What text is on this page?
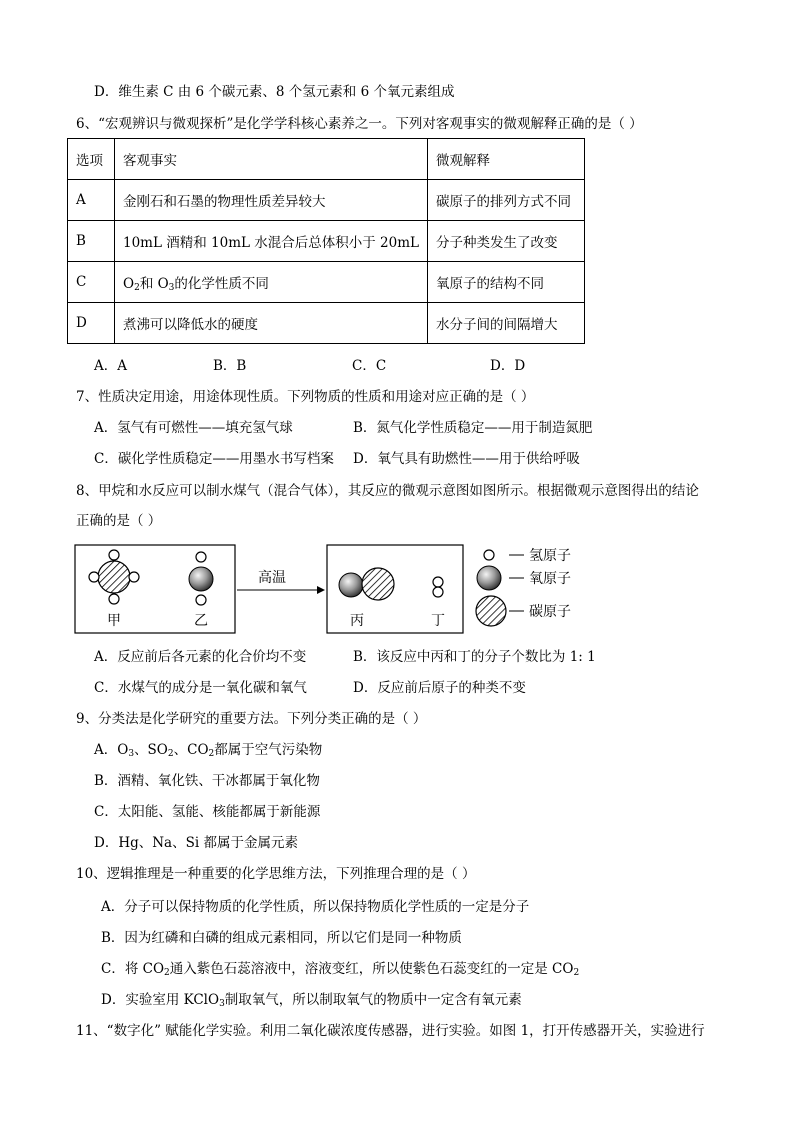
D．维生素 C 由 6 个碳元素、8 个氢元素和 6 个氧元素组成
6、“宏观辨识与微观探析”是化学学科核心素养之一。下列对客观事实的微观解释正确的是（ ）
选项	客观事实	微观解释
A	金刚石和石墨的物理性质差异较大	碳原子的排列方式不同
B	10mL 酒精和 10mL 水混合后总体积小于 20mL	分子种类发生了改变
C	$O_2$和 $O_3$的化学性质不同	氧原子的结构不同
D	煮沸可以降低水的硬度	水分子间的间隔增大
A．A	B．B	C．C	D．D
7、性质决定用途，用途体现性质。下列物质的性质和用途对应正确的是（ ）
A．氢气有可燃性——填充氢气球	B．氮气化学性质稳定——用于制造氮肥
C．碳化学性质稳定——用墨水书写档案 D．氧气具有助燃性——用于供给呼吸
8、甲烷和水反应可以制水煤气（混合气体），其反应的微观示意图如图所示。根据微观示意图得出的结论
正确的是（ ）
甲	乙
高温
丙	丁
氢原子
氧原子
碳原子
A．反应前后各元素的化合价均不变	B．该反应中丙和丁的分子个数比为 1: 1
C．水煤气的成分是一氧化碳和氧气	D．反应前后原子的种类不变
9、分类法是化学研究的重要方法。下列分类正确的是（ ）
A．$O_3$、$SO_2$、$CO_2$都属于空气污染物
B．酒精、氧化铁、干冰都属于氧化物
C．太阳能、氢能、核能都属于新能源
D．Hg、Na、Si 都属于金属元素
10、逻辑推理是一种重要的化学思维方法，下列推理合理的是（ ）
A．分子可以保持物质的化学性质，所以保持物质化学性质的一定是分子
B．因为红磷和白磷的组成元素相同，所以它们是同一种物质
C．将 $CO_2$通入紫色石蕊溶液中，溶液变红，所以使紫色石蕊变红的一定是 $CO_2$
D．实验室用 KClO$_3$制取氧气，所以制取氧气的物质中一定含有氧元素
11、“数字化” 赋能化学实验。利用二氧化碳浓度传感器，进行实验。如图 1，打开传感器开关，实验进行
